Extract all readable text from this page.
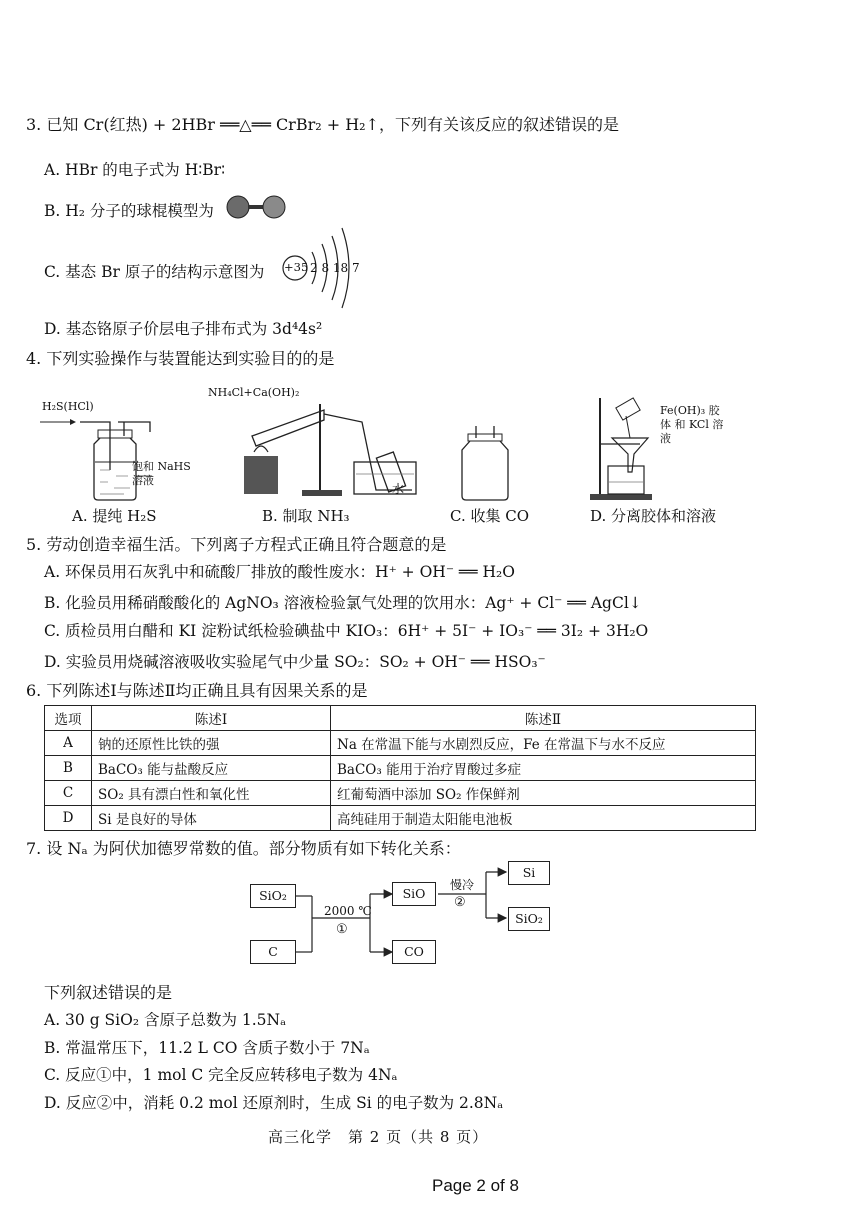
3. 已知 Cr(红热) + 2HBr ══△══ CrBr₂ + H₂↑，下列有关该反应的叙述错误的是
A. HBr 的电子式为 H∶Br∶
B. H₂ 分子的球棍模型为
C. 基态 Br 原子的结构示意图为 +35 2 8 18 7
D. 基态铬原子价层电子排布式为 3d⁴4s²
4. 下列实验操作与装置能达到实验目的的是
H₂S(HCl)
饱和 NaHS 溶液
A. 提纯 H₂S
NH₄Cl+Ca(OH)₂
水
B. 制取 NH₃	C. 收集 CO
Fe(OH)₃ 胶体 和 KCl 溶液
D. 分离胶体和溶液
5. 劳动创造幸福生活。下列离子方程式正确且符合题意的是
A. 环保员用石灰乳中和硫酸厂排放的酸性废水：H⁺ + OH⁻ ══ H₂O
B. 化验员用稀硝酸酸化的 AgNO₃ 溶液检验氯气处理的饮用水：Ag⁺ + Cl⁻ ══ AgCl↓
C. 质检员用白醋和 KI 淀粉试纸检验碘盐中 KIO₃：6H⁺ + 5I⁻ + IO₃⁻ ══ 3I₂ + 3H₂O
D. 实验员用烧碱溶液吸收实验尾气中少量 SO₂：SO₂ + OH⁻ ══ HSO₃⁻
6. 下列陈述Ⅰ与陈述Ⅱ均正确且具有因果关系的是
选项	陈述Ⅰ	陈述Ⅱ
A	钠的还原性比铁的强	Na 在常温下能与水剧烈反应，Fe 在常温下与水不反应
B	BaCO₃ 能与盐酸反应	BaCO₃ 能用于治疗胃酸过多症
C	SO₂ 具有漂白性和氧化性	红葡萄酒中添加 SO₂ 作保鲜剂
D	Si 是良好的导体	高纯硅用于制造太阳能电池板
7. 设 Nₐ 为阿伏加德罗常数的值。部分物质有如下转化关系：
SiO₂
C
2000 ℃
①
SiO
CO
慢冷
②
Si
SiO₂
下列叙述错误的是
A. 30 g SiO₂ 含原子总数为 1.5Nₐ
B. 常温常压下，11.2 L CO 含质子数小于 7Nₐ
C. 反应①中，1 mol C 完全反应转移电子数为 4Nₐ
D. 反应②中，消耗 0.2 mol 还原剂时，生成 Si 的电子数为 2.8Nₐ
高三化学　第 2 页（共 8 页）
Page 2 of 8
